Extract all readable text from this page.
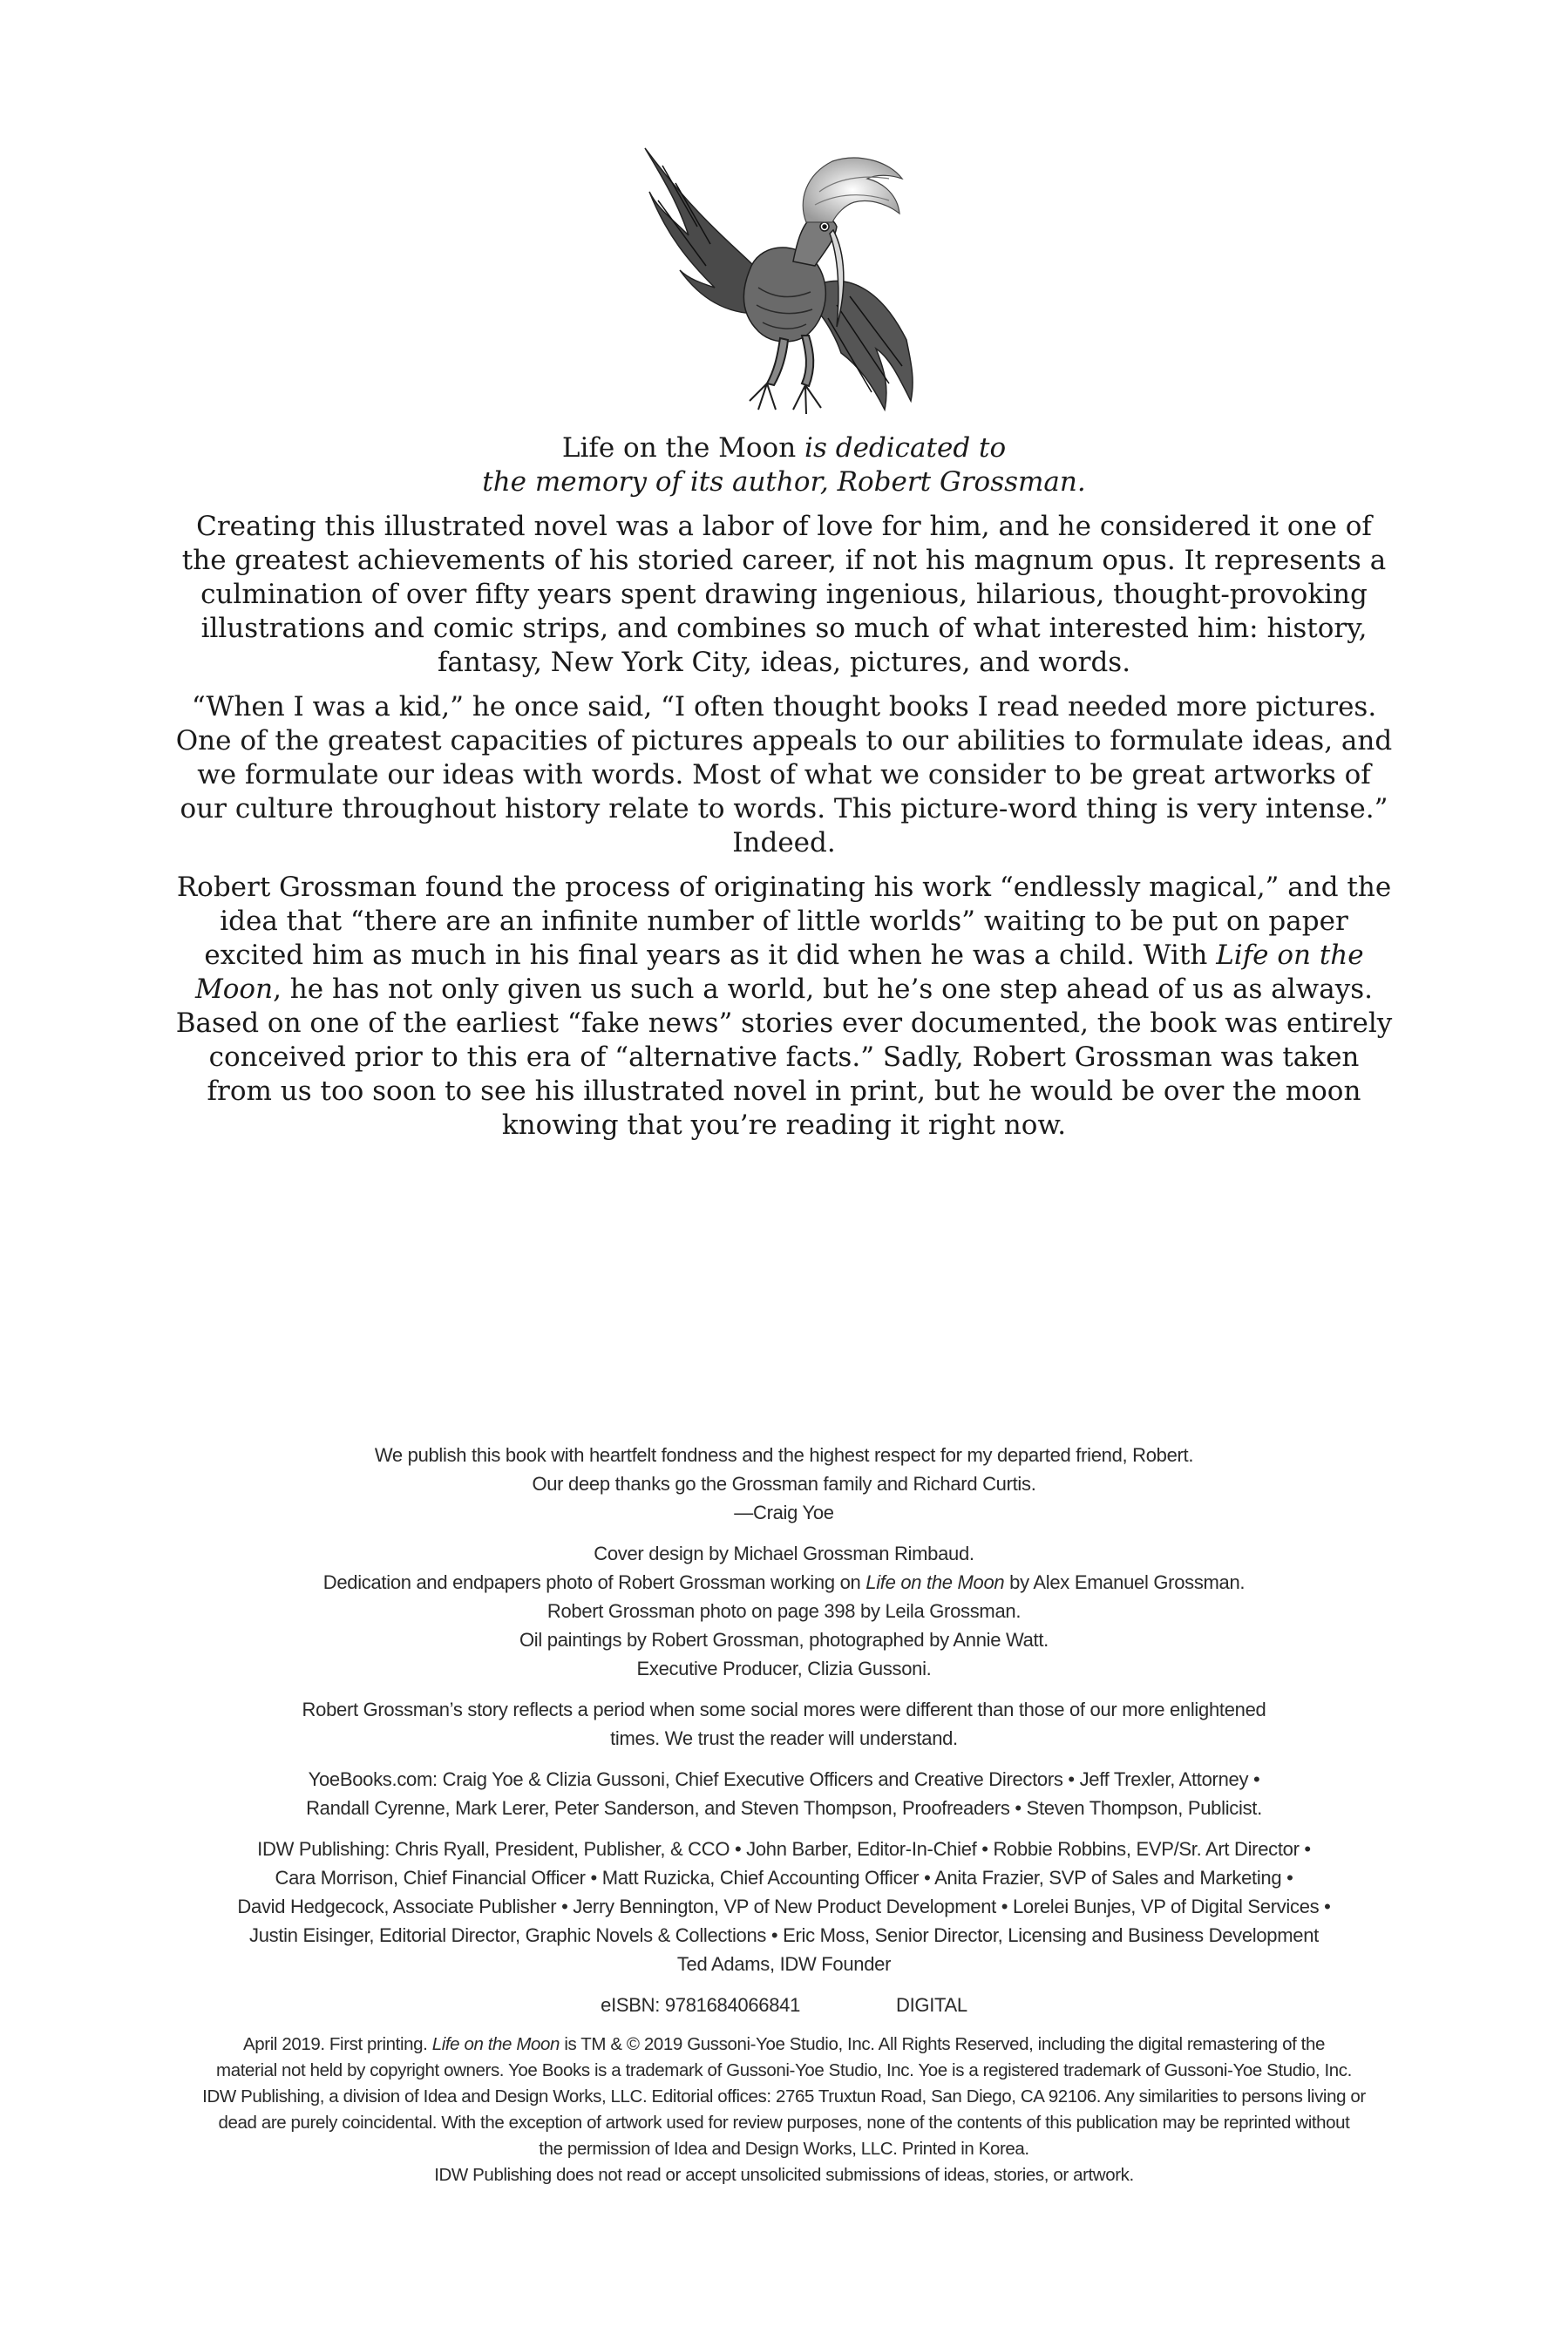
Life on the Moon is dedicated to
the memory of its author, Robert Grossman.

Creating this illustrated novel was a labor of love for him, and he considered it one of the greatest achievements of his storied career, if not his magnum opus. It represents a culmination of over fifty years spent drawing ingenious, hilarious, thought-provoking illustrations and comic strips, and combines so much of what interested him: history, fantasy, New York City, ideas, pictures, and words.

“When I was a kid,” he once said, “I often thought books I read needed more pictures. One of the greatest capacities of pictures appeals to our abilities to formulate ideas, and we formulate our ideas with words. Most of what we consider to be great artworks of our culture throughout history relate to words. This picture-word thing is very intense.” Indeed.

Robert Grossman found the process of originating his work “endlessly magical,” and the idea that “there are an infinite number of little worlds” waiting to be put on paper excited him as much in his final years as it did when he was a child. With Life on the Moon, he has not only given us such a world, but he’s one step ahead of us as always. Based on one of the earliest “fake news” stories ever documented, the book was entirely conceived prior to this era of “alternative facts.” Sadly, Robert Grossman was taken from us too soon to see his illustrated novel in print, but he would be over the moon knowing that you’re reading it right now.

We publish this book with heartfelt fondness and the highest respect for my departed friend, Robert.
Our deep thanks go the Grossman family and Richard Curtis.
—Craig Yoe

Cover design by Michael Grossman Rimbaud.
Dedication and endpapers photo of Robert Grossman working on Life on the Moon by Alex Emanuel Grossman.
Robert Grossman photo on page 398 by Leila Grossman.
Oil paintings by Robert Grossman, photographed by Annie Watt.
Executive Producer, Clizia Gussoni.

Robert Grossman’s story reflects a period when some social mores were different than those of our more enlightened
times. We trust the reader will understand.

YoeBooks.com: Craig Yoe & Clizia Gussoni, Chief Executive Officers and Creative Directors • Jeff Trexler, Attorney •
Randall Cyrenne, Mark Lerer, Peter Sanderson, and Steven Thompson, Proofreaders • Steven Thompson, Publicist.

IDW Publishing: Chris Ryall, President, Publisher, & CCO • John Barber, Editor-In-Chief • Robbie Robbins, EVP/Sr. Art Director •
Cara Morrison, Chief Financial Officer • Matt Ruzicka, Chief Accounting Officer • Anita Frazier, SVP of Sales and Marketing •
David Hedgecock, Associate Publisher • Jerry Bennington, VP of New Product Development • Lorelei Bunjes, VP of Digital Services •
Justin Eisinger, Editorial Director, Graphic Novels & Collections • Eric Moss, Senior Director, Licensing and Business Development
Ted Adams, IDW Founder

eISBN: 9781684066841	DIGITAL

April 2019. First printing. Life on the Moon is TM & © 2019 Gussoni-Yoe Studio, Inc. All Rights Reserved, including the digital remastering of the
material not held by copyright owners. Yoe Books is a trademark of Gussoni-Yoe Studio, Inc. Yoe is a registered trademark of Gussoni-Yoe Studio, Inc.
IDW Publishing, a division of Idea and Design Works, LLC. Editorial offices: 2765 Truxtun Road, San Diego, CA 92106. Any similarities to persons living or
dead are purely coincidental. With the exception of artwork used for review purposes, none of the contents of this publication may be reprinted without
the permission of Idea and Design Works, LLC. Printed in Korea.
IDW Publishing does not read or accept unsolicited submissions of ideas, stories, or artwork.
